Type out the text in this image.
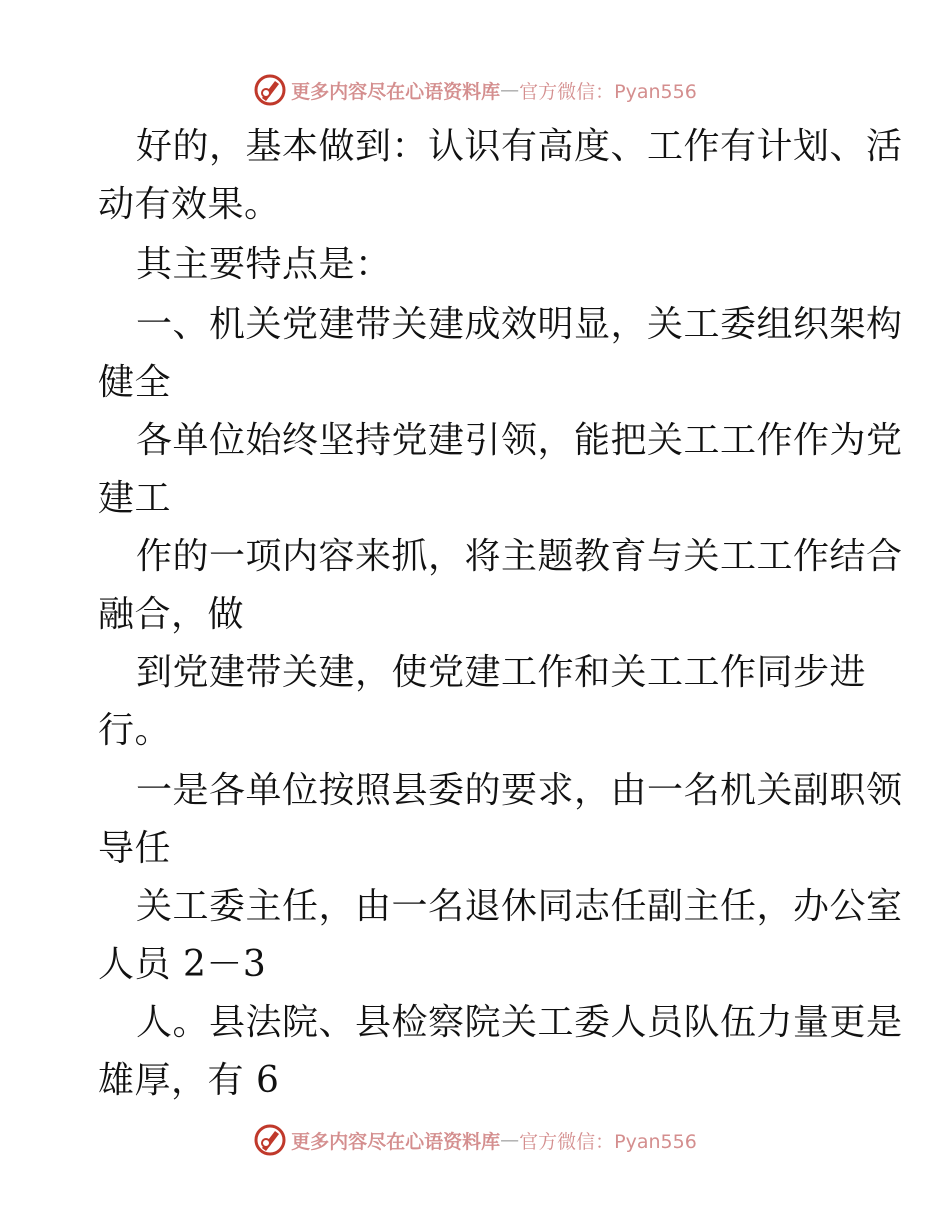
更多内容尽在心语资料库 — 官方微信：Pyan556
好的，基本做到：认识有高度、工作有计划、活
动有效果。
其主要特点是：
一、机关党建带关建成效明显，关工委组织架构
健全
各单位始终坚持党建引领，能把关工工作作为党
建工
作的一项内容来抓，将主题教育与关工工作结合
融合，做
到党建带关建，使党建工作和关工工作同步进
行。
一是各单位按照县委的要求，由一名机关副职领
导任
关工委主任，由一名退休同志任副主任，办公室
人员 2－3
人。县法院、县检察院关工委人员队伍力量更是
雄厚，有 6
更多内容尽在心语资料库 — 官方微信：Pyan556
